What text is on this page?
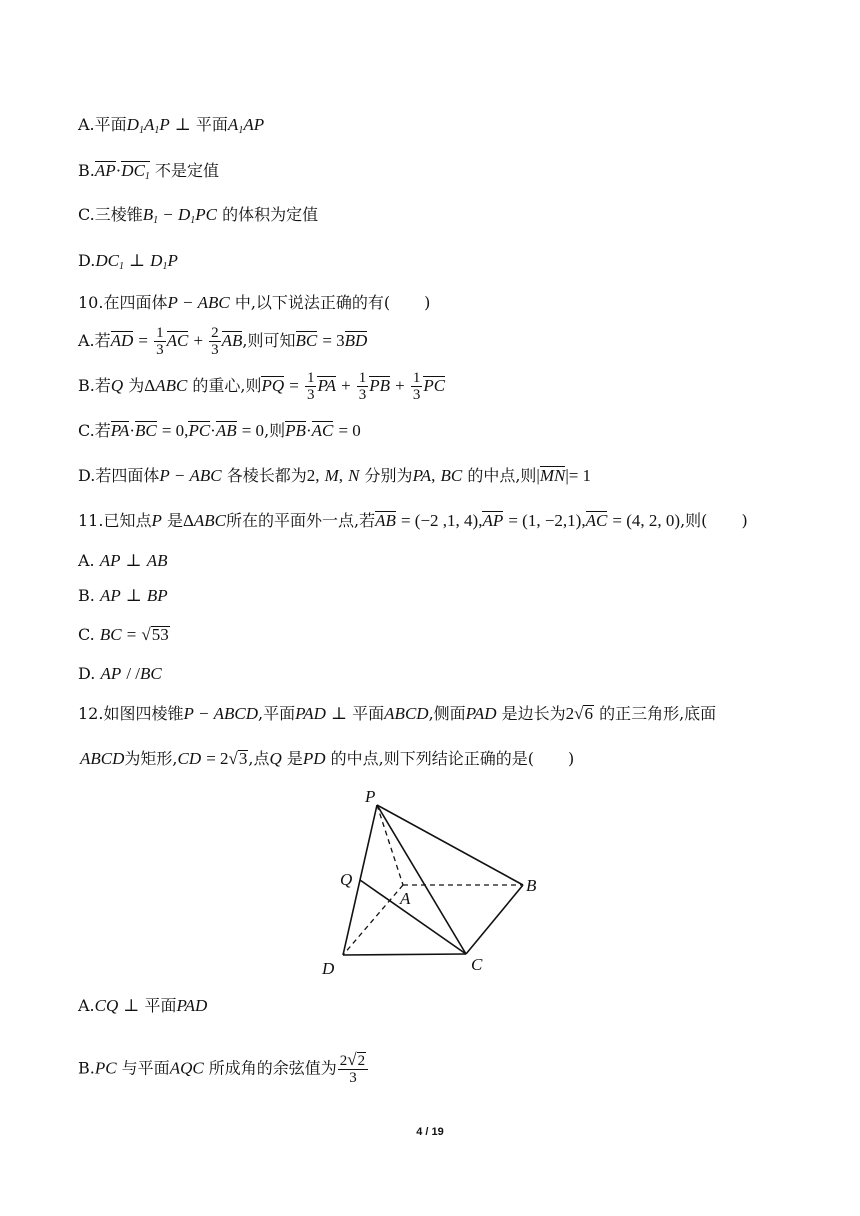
A.平面$D_1A_1P$ ⊥ 平面$A_1AP$
$B.AP\cdot DC_1$ 不是定值
C.三棱锥$B_1 - D_1PC$ 的体积为定值
$D.DC_1$ ⊥ $D_1P$
10.在四面体P − ABC 中,以下说法正确的有( )
A.若AD = $\frac{1}{3}$ AC + $\frac{2}{3}$ AB,则可知BC = 3BD
B.若Q 为ΔABC 的重心,则PQ = $\frac{1}{3}$ PA + $\frac{1}{3}$ PB + $\frac{1}{3}$ PC
C.若PA·BC = 0,PC·AB = 0,则PB·AC = 0
D.若四面体P − ABC 各棱长都为2, M, N 分别为PA, BC 的中点,则|MN|= 1
11.已知点P 是ΔABC所在的平面外一点,若AB = (−2 ,1, 4),AP = (1, −2,1),AC = (4, 2, 0),则( )
A. AP ⊥ AB
B. AP ⊥ BP
C. BC = √53
D. AP / /BC
12.如图四棱锥P − ABCD,平面PAD ⊥ 平面ABCD,侧面PAD 是边长为2√6 的正三角形,底面
ABCD为矩形,CD = 2√3,点Q 是PD 的中点,则下列结论正确的是( )
P
Q
A
B
C
D
A.CQ ⊥ 平面PAD
B.PC 与平面AQC 所成角的余弦值为 $\frac{2√2}{3}$
4 / 19
